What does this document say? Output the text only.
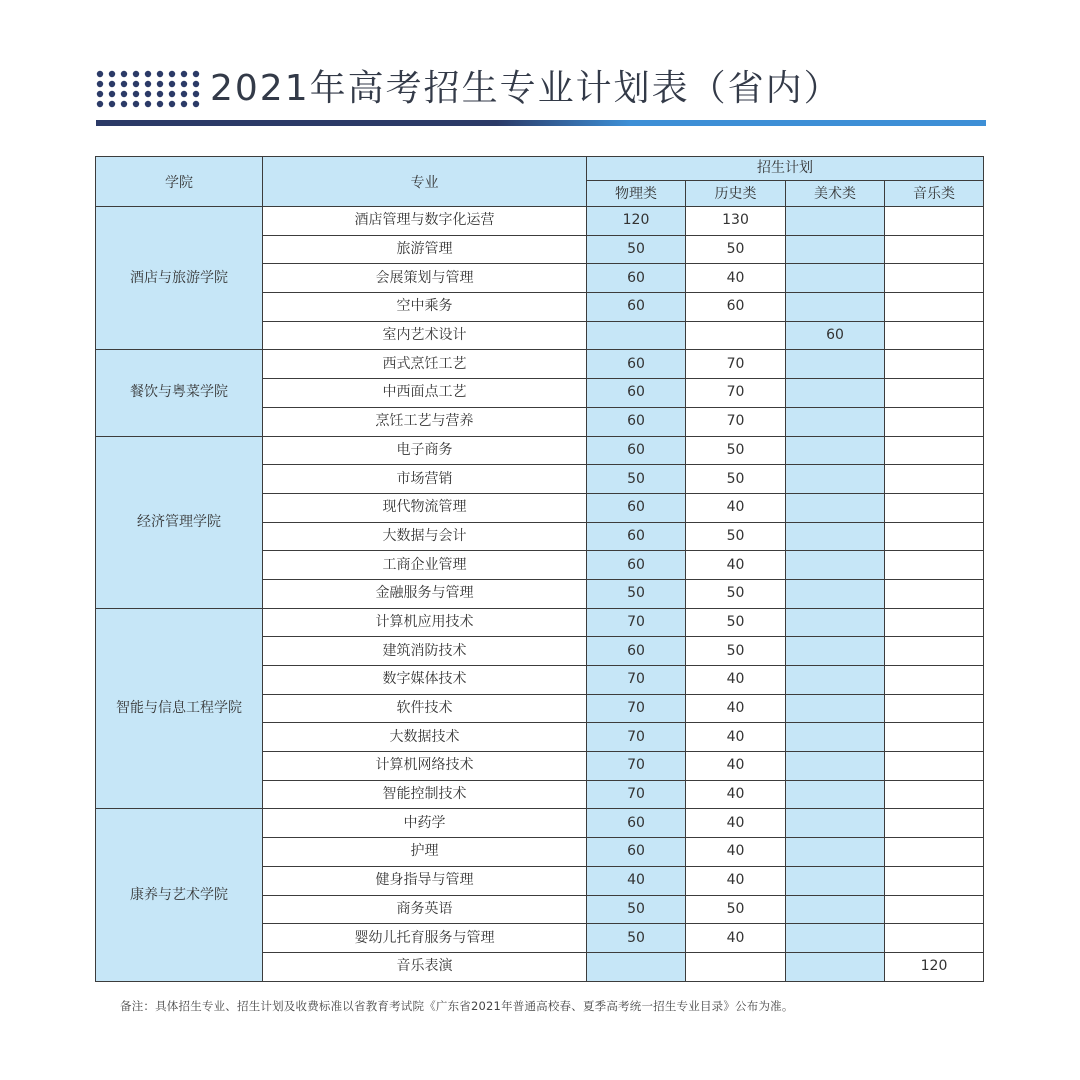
2021年高考招生专业计划表（省内）
学院	专业	招生计划			
		物理类	历史类	美术类	音乐类
酒店与旅游学院	酒店管理与数字化运营	120	130		
	旅游管理	50	50		
	会展策划与管理	60	40		
	空中乘务	60	60		
	室内艺术设计			60	
餐饮与粤菜学院	西式烹饪工艺	60	70		
	中西面点工艺	60	70		
	烹饪工艺与营养	60	70		
经济管理学院	电子商务	60	50		
	市场营销	50	50		
	现代物流管理	60	40		
	大数据与会计	60	50		
	工商企业管理	60	40		
	金融服务与管理	50	50		
智能与信息工程学院	计算机应用技术	70	50		
	建筑消防技术	60	50		
	数字媒体技术	70	40		
	软件技术	70	40		
	大数据技术	70	40		
	计算机网络技术	70	40		
	智能控制技术	70	40		
康养与艺术学院	中药学	60	40		
	护理	60	40		
	健身指导与管理	40	40		
	商务英语	50	50		
	婴幼儿托育服务与管理	50	40		
	音乐表演				120
备注：具体招生专业、招生计划及收费标准以省教育考试院《广东省2021年普通高校春、夏季高考统一招生专业目录》公布为准。
